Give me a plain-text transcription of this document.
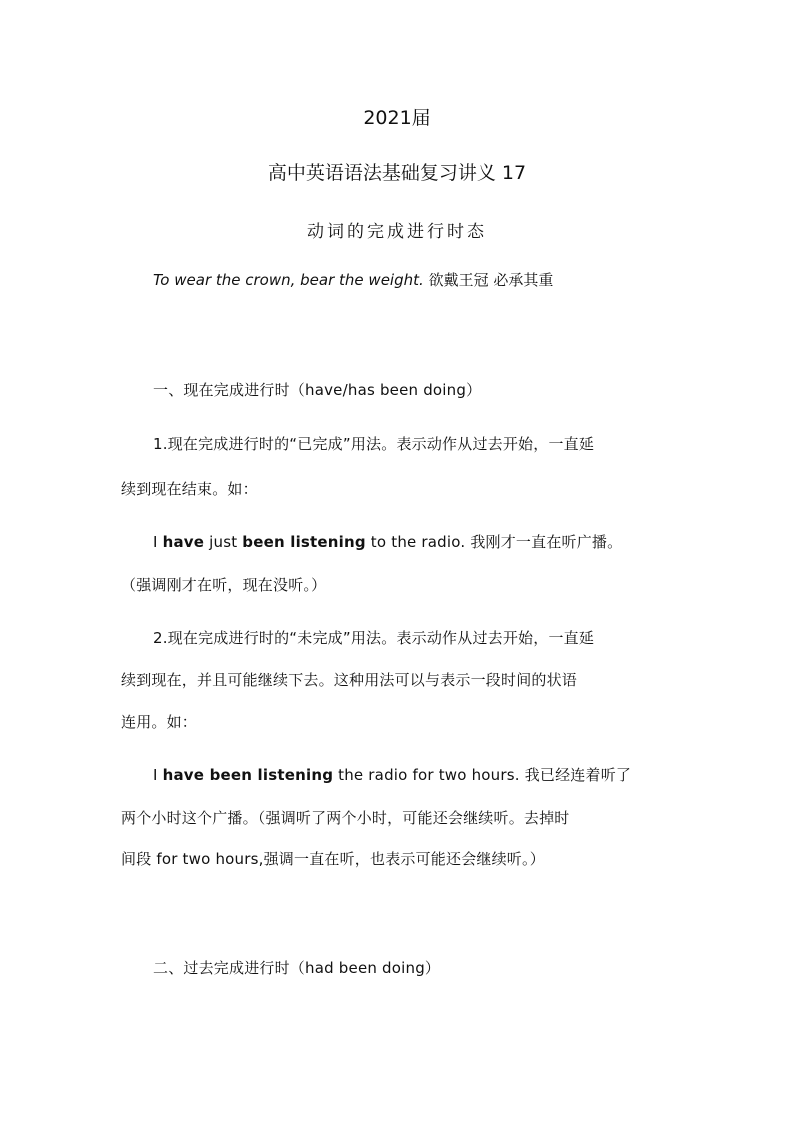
2021届
高中英语语法基础复习讲义 17
动词的完成进行时态
To wear the crown, bear the weight. 欲戴王冠 必承其重
一、现在完成进行时（have/has been doing）
1.现在完成进行时的“已完成”用法。表示动作从过去开始，一直延
续到现在结束。如：
I have just been listening to the radio. 我刚才一直在听广播。
（强调刚才在听，现在没听。）
2.现在完成进行时的“未完成”用法。表示动作从过去开始，一直延
续到现在，并且可能继续下去。这种用法可以与表示一段时间的状语
连用。如：
I have been listening the radio for two hours. 我已经连着听了
两个小时这个广播。（强调听了两个小时，可能还会继续听。去掉时
间段 for two hours,强调一直在听，也表示可能还会继续听。）
二、过去完成进行时（had been doing）
